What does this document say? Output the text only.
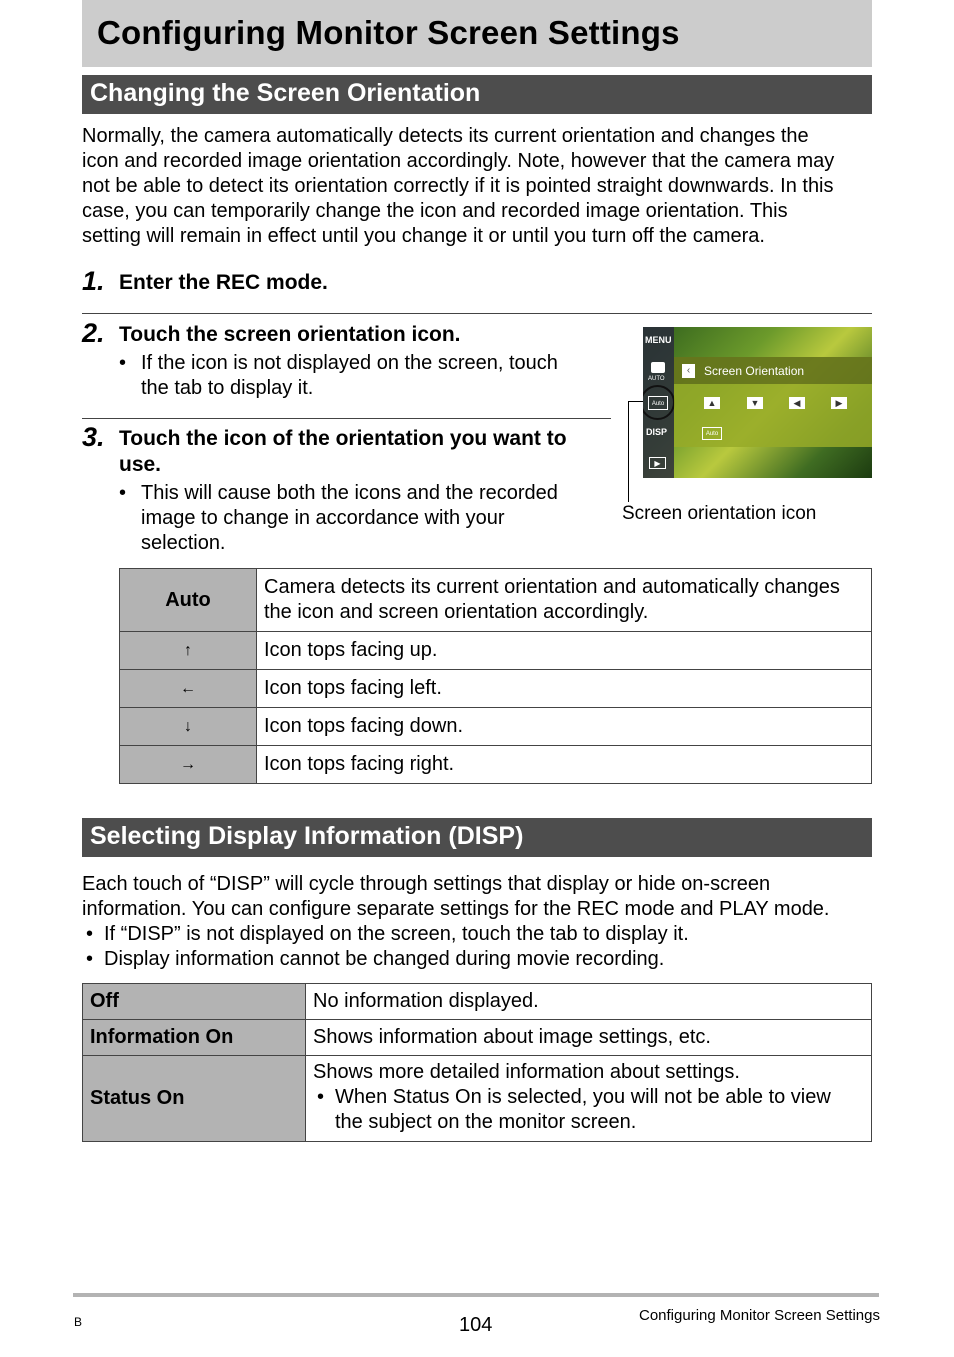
Configuring Monitor Screen Settings
Changing the Screen Orientation
Normally, the camera automatically detects its current orientation and changes the
icon and recorded image orientation accordingly. Note, however that the camera may
not be able to detect its orientation correctly if it is pointed straight downwards. In this
case, you can temporarily change the icon and recorded image orientation. This
setting will remain in effect until you change it or until you turn off the camera.
1. Enter the REC mode.
2. Touch the screen orientation icon.
• If the icon is not displayed on the screen, touch
the tab to display it.
3. Touch the icon of the orientation you want to
use.
• This will cause both the icons and the recorded
image to change in accordance with your
selection.
MENU
AUTO
Auto
DISP
▶
‹	Screen Orientation
▲	▼	◀	▶
Auto
Screen orientation icon
Auto	Camera detects its current orientation and automatically changes
the icon and screen orientation accordingly.

↑	Icon tops facing up.
←	Icon tops facing left.
↓	Icon tops facing down.
→	Icon tops facing right.
Selecting Display Information (DISP)
Each touch of “DISP” will cycle through settings that display or hide on-screen
information. You can configure separate settings for the REC mode and PLAY mode.
• If “DISP” is not displayed on the screen, touch the tab to display it.
• Display information cannot be changed during movie recording.
Off	No information displayed.
Information On	Shows information about image settings, etc.
Status On	Shows more detailed information about settings.
• When Status On is selected, you will not be able to view
the subject on the monitor screen.
B	104	Configuring Monitor Screen Settings
